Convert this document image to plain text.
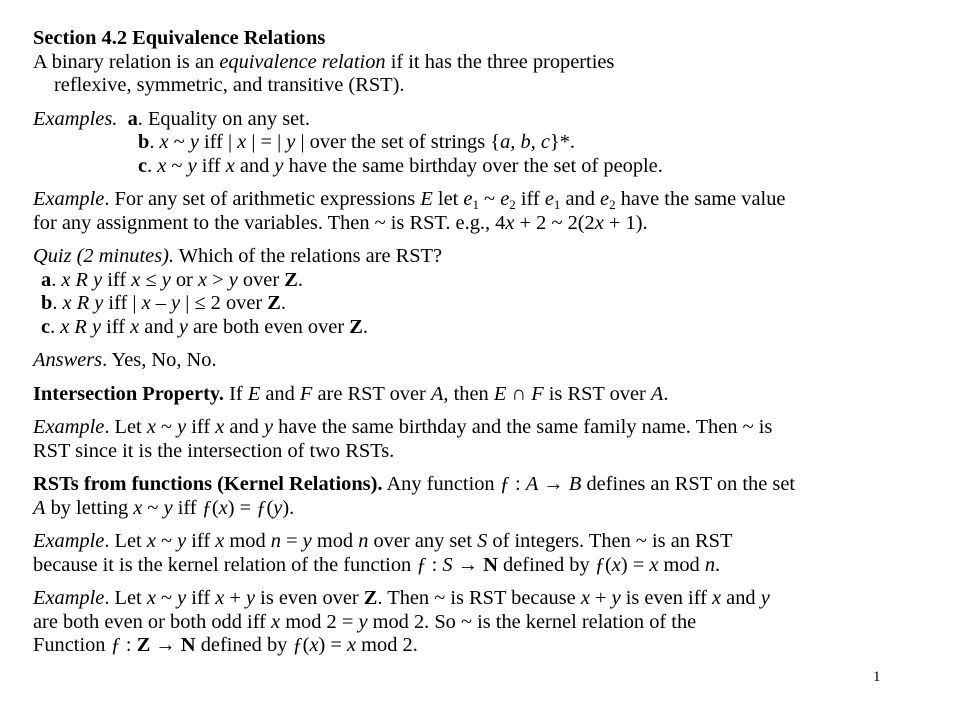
Section 4.2 Equivalence Relations
A binary relation is an equivalence relation if it has the three properties
reflexive, symmetric, and transitive (RST).
Examples. a. Equality on any set.
b. x ~ y iff | x | = | y | over the set of strings {a, b, c}*.
c. x ~ y iff x and y have the same birthday over the set of people.
Example. For any set of arithmetic expressions E let $e_1$ ~ $e_2$ iff $e_1$ and $e_2$ have the same value
for any assignment to the variables. Then ~ is RST. e.g., 4x + 2 ~ 2(2x + 1).
Quiz (2 minutes). Which of the relations are RST?
a. x R y iff x ≤ y or x > y over Z.
b. x R y iff | x – y | ≤ 2 over Z.
c. x R y iff x and y are both even over Z.
Answers. Yes, No, No.
Intersection Property. If E and F are RST over A, then E ∩ F is RST over A.
Example. Let x ~ y iff x and y have the same birthday and the same family name. Then ~ is
RST since it is the intersection of two RSTs.
RSTs from functions (Kernel Relations). Any function ƒ : A → B defines an RST on the set
A by letting x ~ y iff ƒ(x) = ƒ(y).
Example. Let x ~ y iff x mod n = y mod n over any set S of integers. Then ~ is an RST
because it is the kernel relation of the function ƒ : S → N defined by ƒ(x) = x mod n.
Example. Let x ~ y iff x + y is even over Z. Then ~ is RST because x + y is even iff x and y
are both even or both odd iff x mod 2 = y mod 2. So ~ is the kernel relation of the
Function ƒ : Z → N defined by ƒ(x) = x mod 2.
1
